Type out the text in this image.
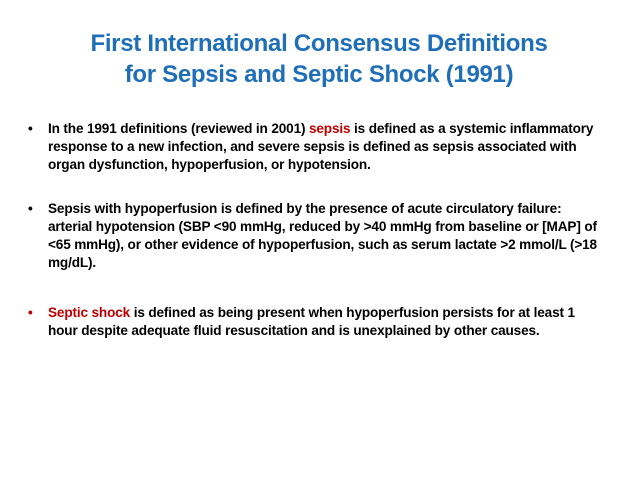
First International Consensus Definitions
for Sepsis and Septic Shock (1991)
• In the 1991 definitions (reviewed in 2001) sepsis is defined as a systemic inflammatory response to a new infection, and severe sepsis is defined as sepsis associated with organ dysfunction, hypoperfusion, or hypotension.
• Sepsis with hypoperfusion is defined by the presence of acute circulatory failure: arterial hypotension (SBP <90 mmHg, reduced by >40 mmHg from baseline or [MAP] of <65 mmHg), or other evidence of hypoperfusion, such as serum lactate >2 mmol/L (>18 mg/dL).
• Septic shock is defined as being present when hypoperfusion persists for at least 1 hour despite adequate fluid resuscitation and is unexplained by other causes.
